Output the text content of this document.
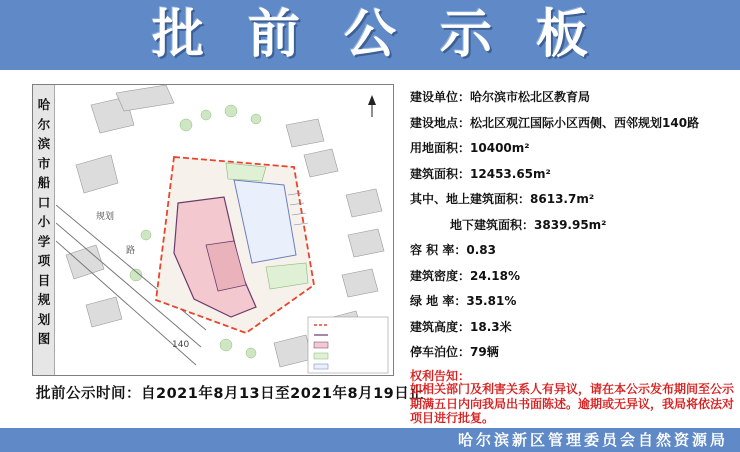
批前公示板
哈尔滨市船口小学项目规划图
规划
路
140
批前公示时间：自2021年8月13日至2021年8月19日止
建设单位：哈尔滨市松北区教育局
建设地点：松北区观江国际小区西侧、西邻规划140路
用地面积：10400m²
建筑面积：12453.65m²
其中、地上建筑面积：8613.7m²
地下建筑面积：3839.95m²
容 积 率：0.83
建筑密度：24.18%
绿 地 率：35.81%
建筑高度：18.3米
停车泊位：79辆
权利告知：
如相关部门及利害关系人有异议，请在本公示发布期间至公示期满五日内向我局出书面陈述。逾期或无异议，我局将依法对项目进行批复。
哈尔滨新区管理委员会自然资源局
